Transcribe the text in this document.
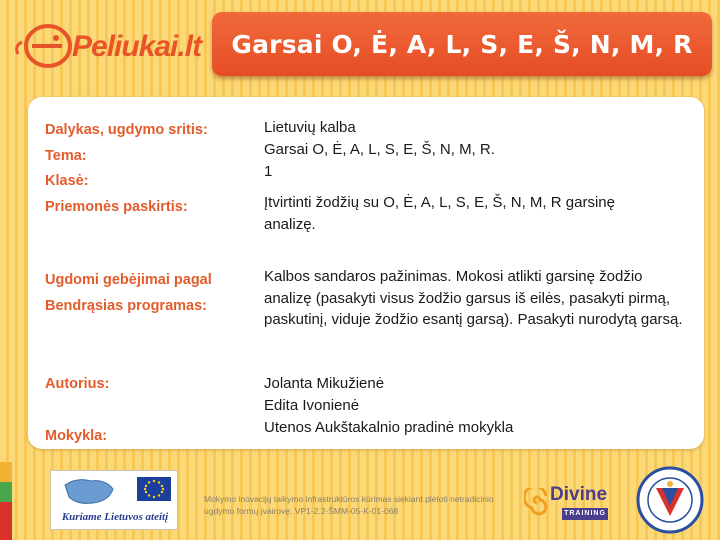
Peliukai.lt Garsai O, Ė, A, L, S, E, Š, N, M, R
Dalykas, ugdymo sritis:
Tema:
Klasė:
Priemonės paskirtis:
Ugdomi gebėjimai pagal
Bendrąsias programas:
Autorius:
Mokykla:
Lietuvių kalba
Garsai O, Ė, A, L, S, E, Š, N, M, R.
1
Įtvirtinti žodžių su O, Ė, A, L, S, E, Š, N, M, R garsinę analizę.
Kalbos sandaros pažinimas. Mokosi atlikti garsinę žodžio analizę (pasakyti visus žodžio garsus iš eilės, pasakyti pirmą, paskutinį, viduje žodžio esantį garsą). Pasakyti nurodytą garsą.
Jolanta Mikužienė
Edita Ivonienė
Utenos Aukštakalnio pradinė mokykla
Kuriame Lietuvos ateitį
Mokymo inovacijų taikymo infrastruktūros kūrimas siekiant plėtoti netradicinio ugdymo formų įvairovę. VP1-2.2-ŠMM-05-K-01-068
Divine
TRAINING
